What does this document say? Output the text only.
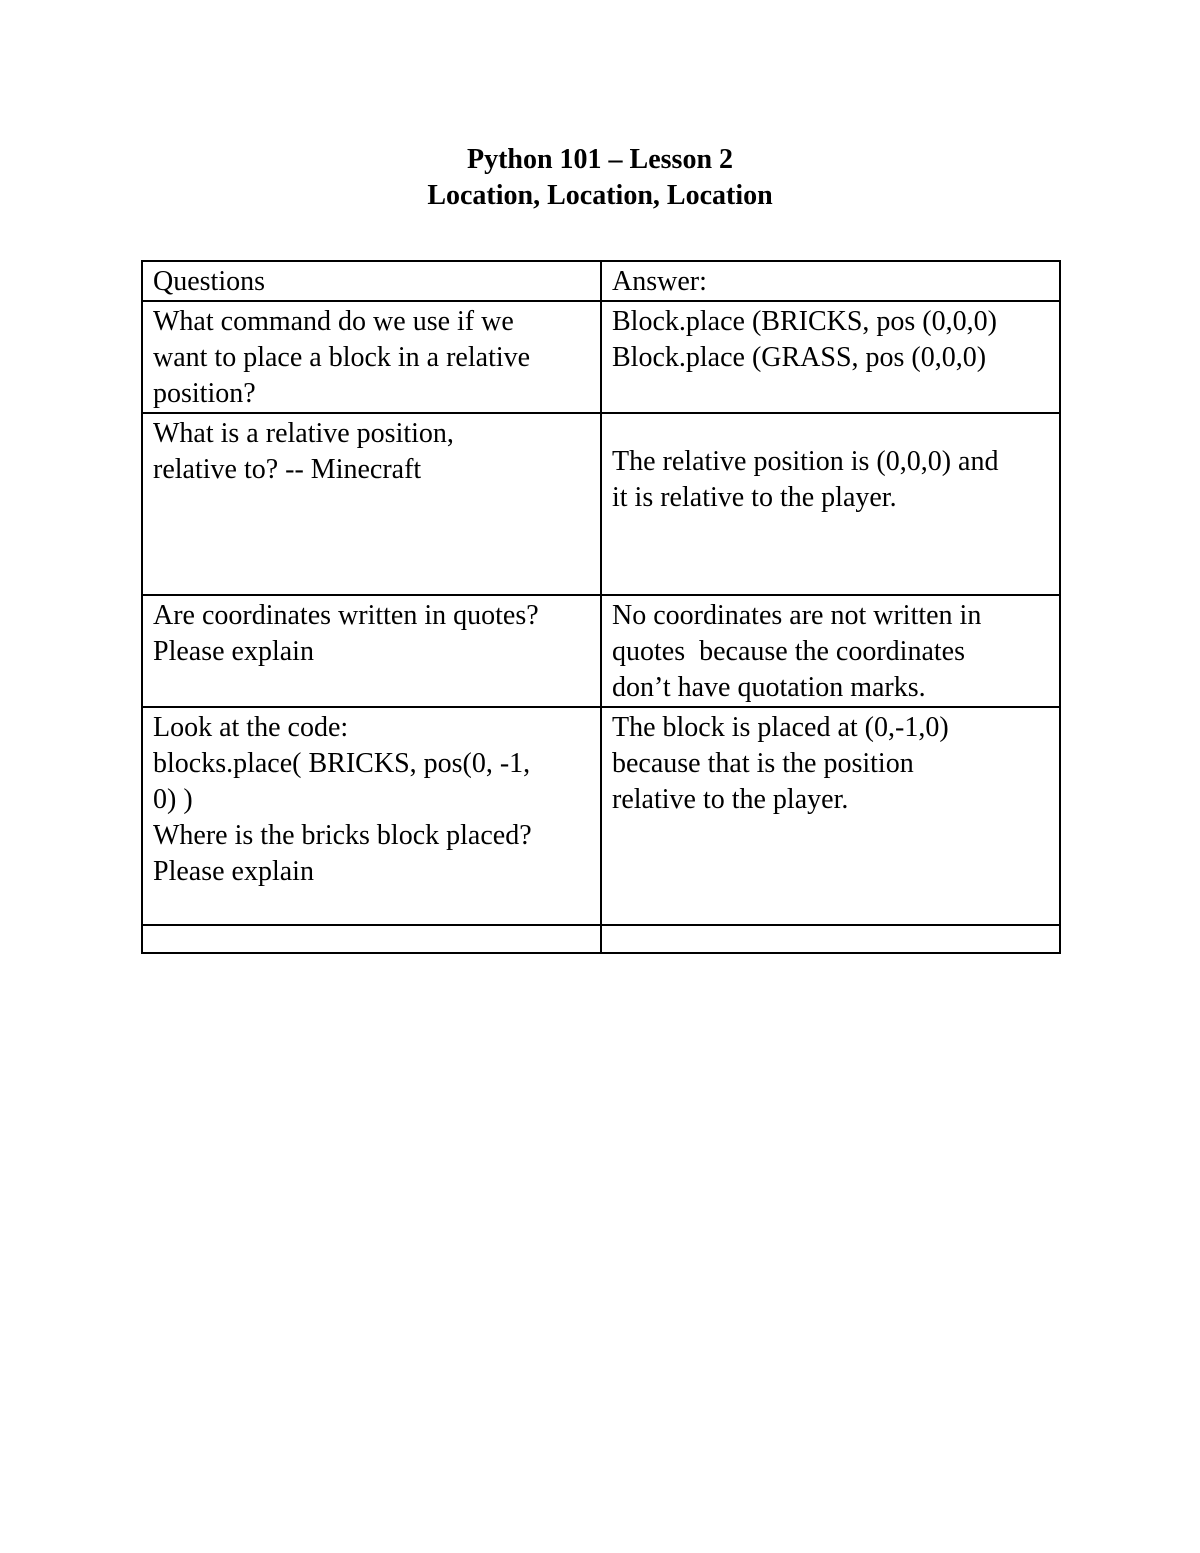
Python 101 – Lesson 2
Location, Location, Location
Questions	Answer:

What command do we use if we
want to place a block in a relative
position?	Block.place (BRICKS, pos (0,0,0)
Block.place (GRASS, pos (0,0,0)

What is a relative position,
relative to? -- Minecraft	The relative position is (0,0,0) and
it is relative to the player.

Are coordinates written in quotes?
Please explain	No coordinates are not written in
quotes  because the coordinates
don’t have quotation marks.

Look at the code:
blocks.place( BRICKS, pos(0, -1,
0) )
Where is the bricks block placed?
Please explain	The block is placed at (0,-1,0)
because that is the position
relative to the player.
